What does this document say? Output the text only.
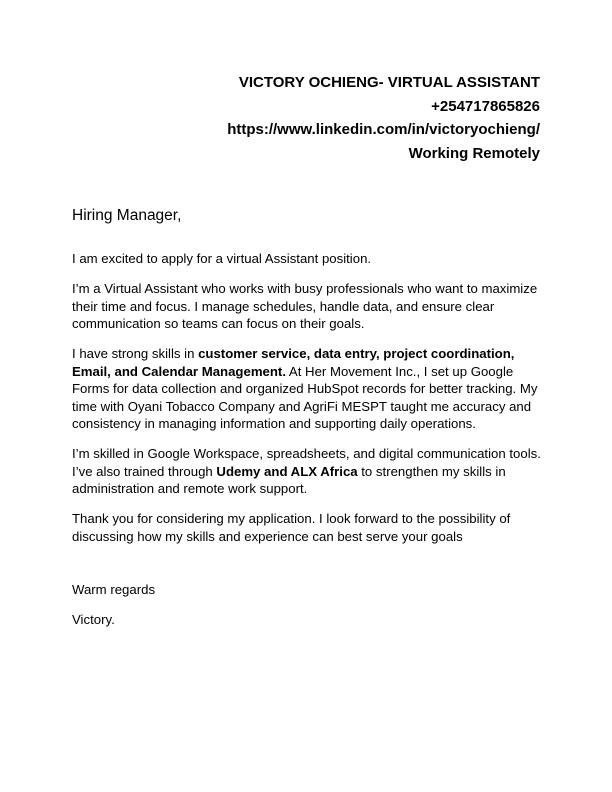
VICTORY OCHIENG- VIRTUAL ASSISTANT
+254717865826
https://www.linkedin.com/in/victoryochieng/
Working Remotely
Hiring Manager,

I am excited to apply for a virtual Assistant position.

I’m a Virtual Assistant who works with busy professionals who want to maximize their time and focus. I manage schedules, handle data, and ensure clear communication so teams can focus on their goals.

I have strong skills in customer service, data entry, project coordination, Email, and Calendar Management. At Her Movement Inc., I set up Google Forms for data collection and organized HubSpot records for better tracking. My time with Oyani Tobacco Company and AgriFi MESPT taught me accuracy and consistency in managing information and supporting daily operations.

I’m skilled in Google Workspace, spreadsheets, and digital communication tools. I’ve also trained through Udemy and ALX Africa to strengthen my skills in administration and remote work support.

Thank you for considering my application. I look forward to the possibility of discussing how my skills and experience can best serve your goals

Warm regards

Victory.
